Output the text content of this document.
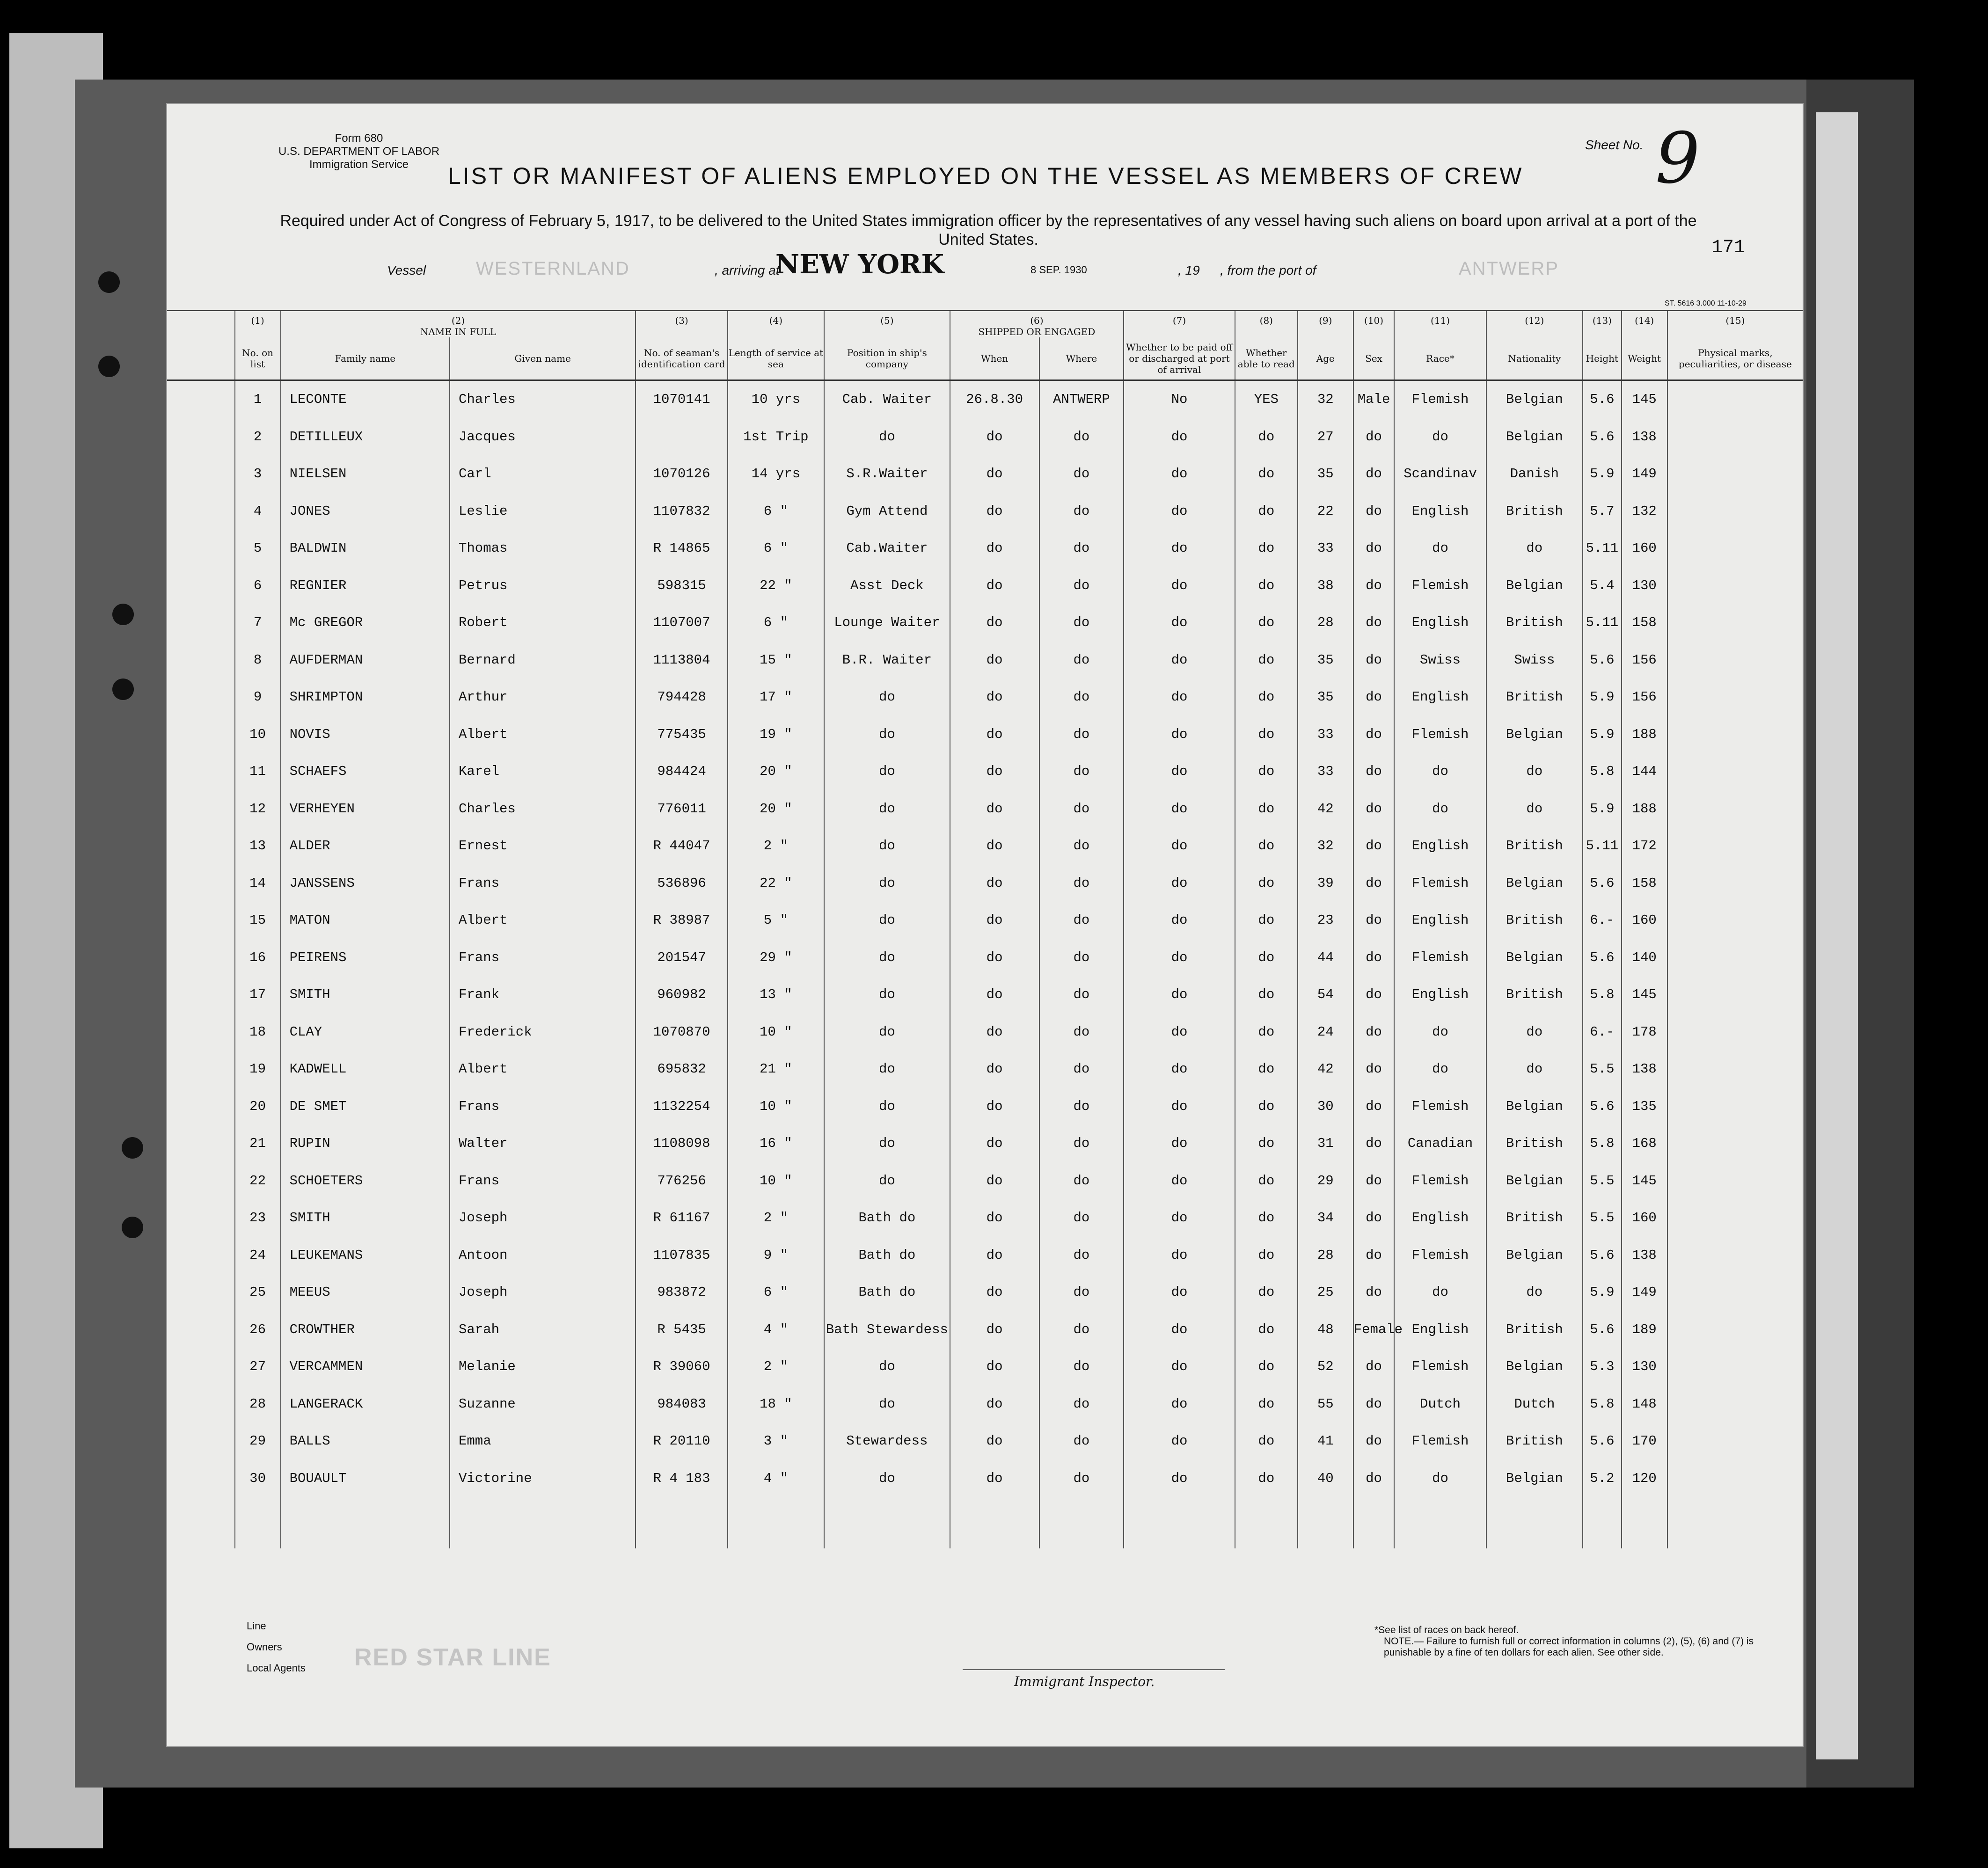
Form 680
U.S. DEPARTMENT OF LABOR
Immigration Service	LIST OR MANIFEST OF ALIENS EMPLOYED ON THE VESSEL AS MEMBERS OF CREW
Sheet No. 9
Required under Act of Congress of February 5, 1917, to be delivered to the United States immigration officer by the representatives of any vessel having such aliens on board upon arrival at a port of the United States.	171
Vessel	WESTERNLAND	, arriving at
NEW YORK	8 SEP. 1930	, 19 , from the port of	ANTWERP
ST. 5616 3.000 11-10-29
	(1)	(2)
NAME IN FULL		(3)	(4)	(5)	(6)
SHIPPED OR ENGAGED		(7)	(8)	(9)	(10)	(11)	(12)	(13)	(14)	(15)
	No. on list	Family name	Given name	No. of seaman's identification card	Length of service at sea	Position in ship's company	When	Where	Whether to be paid off or discharged at port of arrival	Whether able to read	Age	Sex	Race*	Nationality	Height	Weight	Physical marks, peculiarities, or disease
	1	LECONTE	Charles	1070141	10 yrs	Cab. Waiter	26.8.30	ANTWERP	No	YES	32	Male	Flemish	Belgian	5.6	145	
	2	DETILLEUX	Jacques		1st Trip	do	do	do	do	do	27	do	do	Belgian	5.6	138	
	3	NIELSEN	Carl	1070126	14 yrs	S.R.Waiter	do	do	do	do	35	do	Scandinav	Danish	5.9	149	
	4	JONES	Leslie	1107832	6 "	Gym Attend	do	do	do	do	22	do	English	British	5.7	132	
	5	BALDWIN	Thomas	R 14865	6 "	Cab.Waiter	do	do	do	do	33	do	do	do	5.11	160	
	6	REGNIER	Petrus	598315	22 "	Asst Deck	do	do	do	do	38	do	Flemish	Belgian	5.4	130	
	7	Mc GREGOR	Robert	1107007	6 "	Lounge Waiter	do	do	do	do	28	do	English	British	5.11	158	
	8	AUFDERMAN	Bernard	1113804	15 "	B.R. Waiter	do	do	do	do	35	do	Swiss	Swiss	5.6	156	
	9	SHRIMPTON	Arthur	794428	17 "	do	do	do	do	do	35	do	English	British	5.9	156	
	10	NOVIS	Albert	775435	19 "	do	do	do	do	do	33	do	Flemish	Belgian	5.9	188	
	11	SCHAEFS	Karel	984424	20 "	do	do	do	do	do	33	do	do	do	5.8	144	
	12	VERHEYEN	Charles	776011	20 "	do	do	do	do	do	42	do	do	do	5.9	188	
	13	ALDER	Ernest	R 44047	2 "	do	do	do	do	do	32	do	English	British	5.11	172	
	14	JANSSENS	Frans	536896	22 "	do	do	do	do	do	39	do	Flemish	Belgian	5.6	158	
	15	MATON	Albert	R 38987	5 "	do	do	do	do	do	23	do	English	British	6.-	160	
	16	PEIRENS	Frans	201547	29 "	do	do	do	do	do	44	do	Flemish	Belgian	5.6	140	
	17	SMITH	Frank	960982	13 "	do	do	do	do	do	54	do	English	British	5.8	145	
	18	CLAY	Frederick	1070870	10 "	do	do	do	do	do	24	do	do	do	6.-	178	
	19	KADWELL	Albert	695832	21 "	do	do	do	do	do	42	do	do	do	5.5	138	
	20	DE SMET	Frans	1132254	10 "	do	do	do	do	do	30	do	Flemish	Belgian	5.6	135	
	21	RUPIN	Walter	1108098	16 "	do	do	do	do	do	31	do	Canadian	British	5.8	168	
	22	SCHOETERS	Frans	776256	10 "	do	do	do	do	do	29	do	Flemish	Belgian	5.5	145	
	23	SMITH	Joseph	R 61167	2 "	Bath do	do	do	do	do	34	do	English	British	5.5	160	
	24	LEUKEMANS	Antoon	1107835	9 "	Bath do	do	do	do	do	28	do	Flemish	Belgian	5.6	138	
	25	MEEUS	Joseph	983872	6 "	Bath do	do	do	do	do	25	do	do	do	5.9	149	
	26	CROWTHER	Sarah	R 5435	4 "	Bath Stewardess	do	do	do	do	48	Female	English	British	5.6	189	
	27	VERCAMMEN	Melanie	R 39060	2 "	do	do	do	do	do	52	do	Flemish	Belgian	5.3	130	
	28	LANGERACK	Suzanne	984083	18 "	do	do	do	do	do	55	do	Dutch	Dutch	5.8	148	
	29	BALLS	Emma	R 20110	3 "	Stewardess	do	do	do	do	41	do	Flemish	British	5.6	170	
	30	BOUAULT	Victorine	R 4 183	4 "	do	do	do	do	do	40	do	do	Belgian	5.2	120	

Line
Owners
Local Agents RED STAR LINE
Immigrant Inspector.
*See list of races on back hereof.
NOTE.— Failure to furnish full or correct information in columns (2), (5), (6) and (7) is punishable by a fine of ten dollars for each alien. See other side.
